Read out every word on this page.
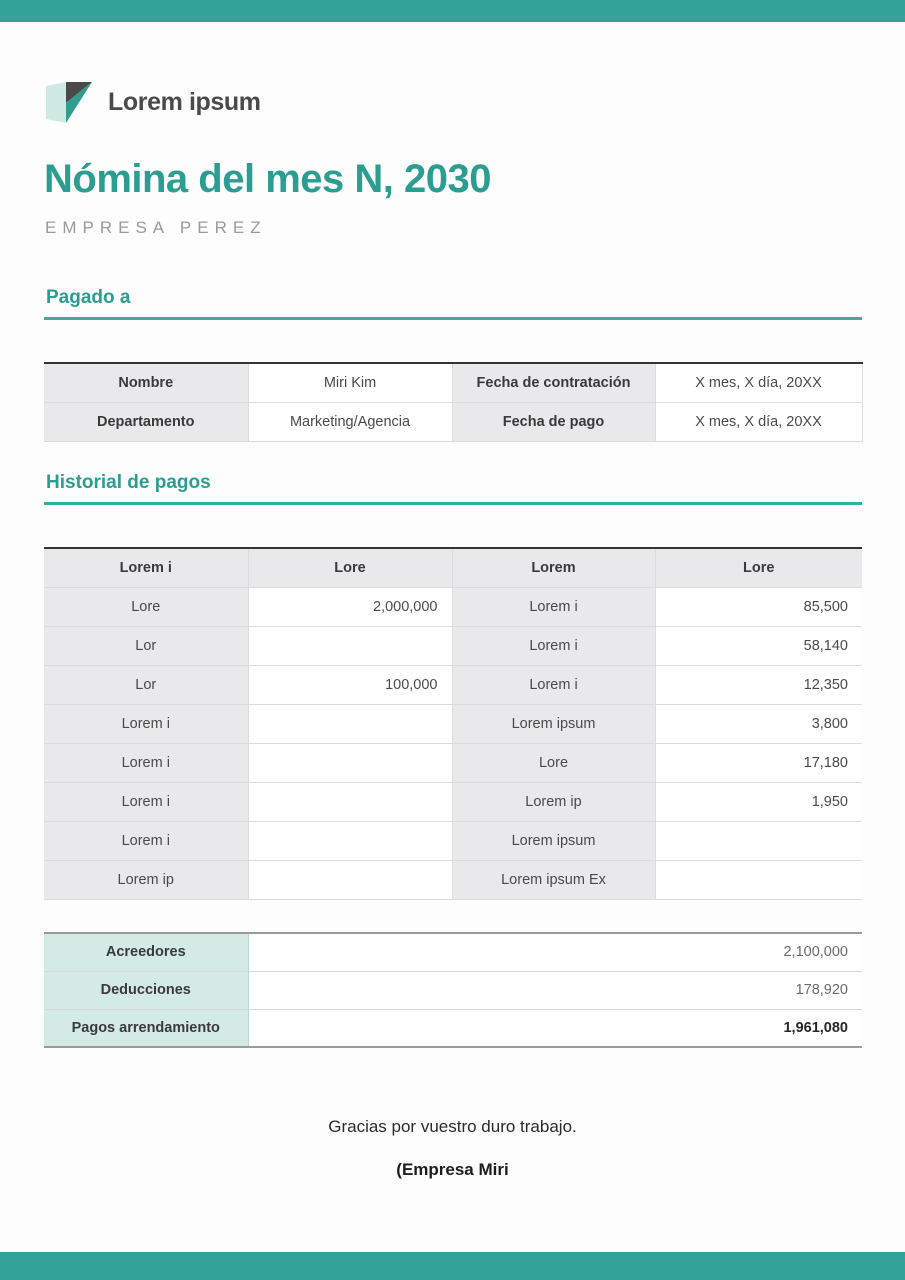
Lorem ipsum
Nómina del mes N, 2030
EMPRESA PEREZ
Pagado a
Nombre	Miri Kim	Fecha de contratación	X mes, X día, 20XX
Departamento	Marketing/Agencia	Fecha de pago	X mes, X día, 20XX
Historial de pagos
Lorem i	Lore	Lorem	Lore
Lore	2,000,000	Lorem i	85,500
Lor		Lorem i	58,140
Lor	100,000	Lorem i	12,350
Lorem i		Lorem ipsum	3,800
Lorem i		Lore	17,180
Lorem i		Lorem ip	1,950
Lorem i		Lorem ipsum	
Lorem ip		Lorem ipsum Ex	
Acreedores	2,100,000
Deducciones	178,920
Pagos arrendamiento	1,961,080
Gracias por vuestro duro trabajo.
(Empresa Miri
